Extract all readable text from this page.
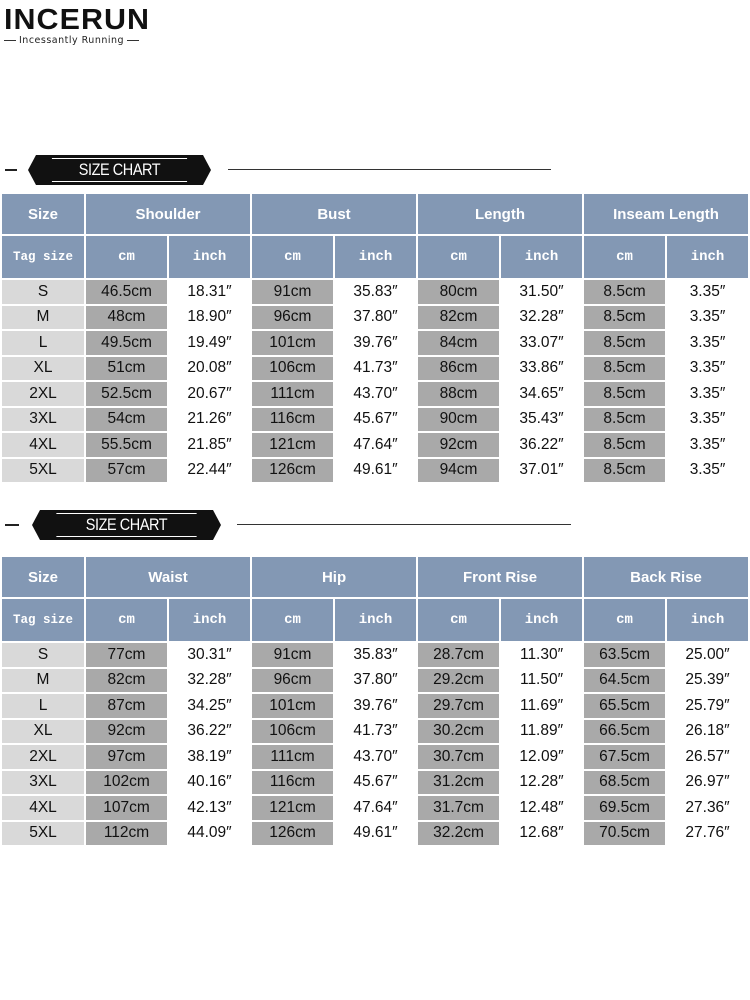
INCERUN
Incessantly Running
SIZE CHART
Size	Shoulder		Bust		Length		Inseam Length	
Tag size	cm	inch	cm	inch	cm	inch	cm	inch
S	46.5cm	18.31″	91cm	35.83″	80cm	31.50″	8.5cm	3.35″
M	48cm	18.90″	96cm	37.80″	82cm	32.28″	8.5cm	3.35″
L	49.5cm	19.49″	101cm	39.76″	84cm	33.07″	8.5cm	3.35″
XL	51cm	20.08″	106cm	41.73″	86cm	33.86″	8.5cm	3.35″
2XL	52.5cm	20.67″	111cm	43.70″	88cm	34.65″	8.5cm	3.35″
3XL	54cm	21.26″	116cm	45.67″	90cm	35.43″	8.5cm	3.35″
4XL	55.5cm	21.85″	121cm	47.64″	92cm	36.22″	8.5cm	3.35″
5XL	57cm	22.44″	126cm	49.61″	94cm	37.01″	8.5cm	3.35″
SIZE CHART
Size	Waist		Hip		Front Rise		Back Rise	
Tag size	cm	inch	cm	inch	cm	inch	cm	inch
S	77cm	30.31″	91cm	35.83″	28.7cm	11.30″	63.5cm	25.00″
M	82cm	32.28″	96cm	37.80″	29.2cm	11.50″	64.5cm	25.39″
L	87cm	34.25″	101cm	39.76″	29.7cm	11.69″	65.5cm	25.79″
XL	92cm	36.22″	106cm	41.73″	30.2cm	11.89″	66.5cm	26.18″
2XL	97cm	38.19″	111cm	43.70″	30.7cm	12.09″	67.5cm	26.57″
3XL	102cm	40.16″	116cm	45.67″	31.2cm	12.28″	68.5cm	26.97″
4XL	107cm	42.13″	121cm	47.64″	31.7cm	12.48″	69.5cm	27.36″
5XL	112cm	44.09″	126cm	49.61″	32.2cm	12.68″	70.5cm	27.76″
